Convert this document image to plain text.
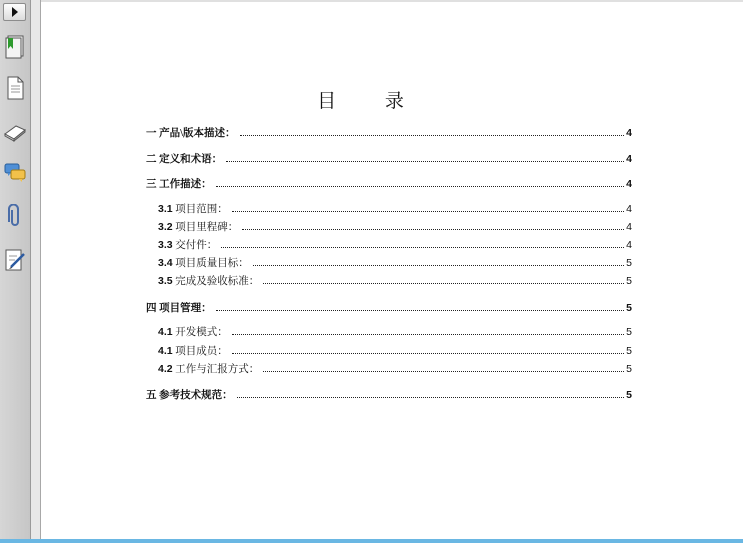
目 录
一 产品\版本描述：	4
二 定义和术语：	4
三 工作描述：	4
3.1 项目范围：	4
3.2 项目里程碑：	4
3.3 交付件：	4
3.4 项目质量目标：	5
3.5 完成及验收标准：	5
四 项目管理：	5
4.1 开发模式：	5
4.1 项目成员：	5
4.2 工作与汇报方式：	5
五 参考技术规范：	5
